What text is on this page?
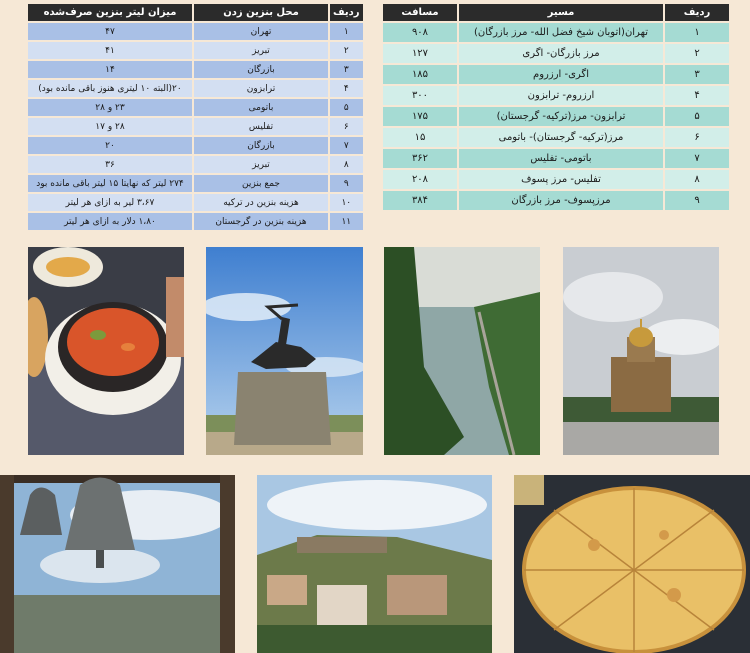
ردیف	محل بنزین زدن	میزان لیتر بنزین صرف‌شده
۱	تهران	۴۷
۲	تبریز	۴۱
۳	بازرگان	۱۴
۴	ترابزون	۲۰(البته ۱۰ لیتری هنوز باقی مانده بود)
۵	باتومی	۲۳ و ۲۸
۶	تفلیس	۲۸ و ۱۷
۷	بازرگان	۲۰
۸	تبریز	۳۶
۹	جمع بنزین	۲۷۴ لیتر که نهایتا ۱۵ لیتر باقی مانده بود
۱۰	هزینه بنزین در ترکیه	۳،۶۷ لیر به ازای هر لیتر
۱۱	هزینه بنزین در گرجستان	۱،۸۰ دلار به ازای هر لیتر
ردیف	مسیر	مسافت
۱	تهران(اتوبان شیخ فضل الله- مرز بازرگان)	۹۰۸
۲	مرز بازرگان- اگری	۱۲۷
۳	اگری- ارزروم	۱۸۵
۴	ارزروم- ترابزون	۳۰۰
۵	ترابزون- مرز(ترکیه- گرجستان)	۱۷۵
۶	مرز(ترکیه- گرجستان)- باتومی	۱۵
۷	باتومی- تفلیس	۳۶۲
۸	تفلیس- مرز پسوف	۲۰۸
۹	مرزپسوف- مرز بازرگان	۳۸۴
